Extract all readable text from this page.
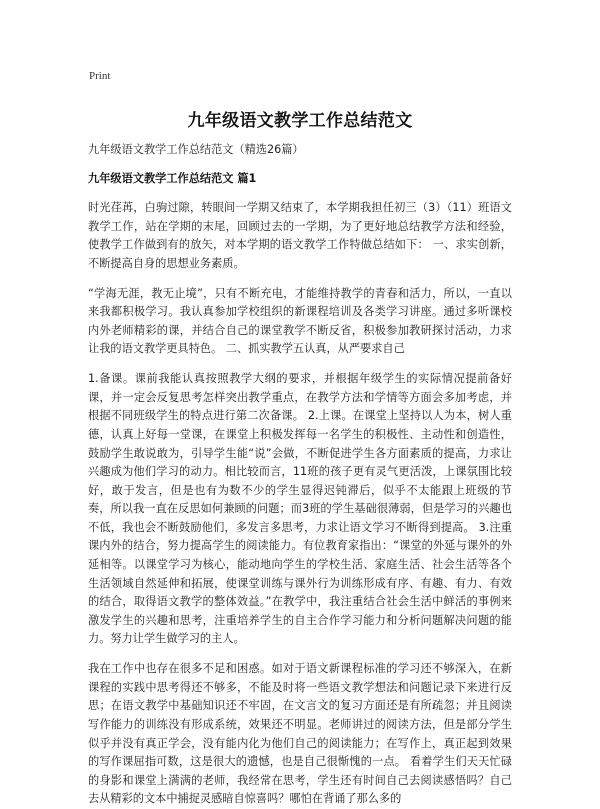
Print
九年级语文教学工作总结范文
九年级语文教学工作总结范文（精选26篇）
九年级语文教学工作总结范文 篇1

时光荏苒，白驹过隙，转眼间一学期又结束了，本学期我担任初三（3）（11）班语文教学工作，站在学期的末尾，回顾过去的一学期，为了更好地总结教学方法和经验，使教学工作做到有的放矢，对本学期的语文教学工作特做总结如下： 一、求实创新，不断提高自身的思想业务素质。

“学海无涯，教无止境”，只有不断充电，才能维持教学的青春和活力，所以，一直以来我都积极学习。我认真参加学校组织的新课程培训及各类学习讲座。通过多听课校内外老师精彩的课，并结合自己的课堂教学不断反省，积极参加教研探讨活动，力求让我的语文教学更具特色。 二、抓实教学五认真，从严要求自己

1.备课。课前我能认真按照教学大纲的要求，并根据年级学生的实际情况提前备好课，并一定会反复思考怎样突出教学重点，在教学方法和学情等方面会多加考虑，并根据不同班级学生的特点进行第二次备课。 2.上课。在课堂上坚持以人为本，树人重德，认真上好每一堂课，在课堂上积极发挥每一名学生的积极性、主动性和创造性，鼓励学生敢说敢为，引导学生能“说”会做，不断促进学生各方面素质的提高，力求让兴趣成为他们学习的动力。相比较而言，11班的孩子更有灵气更活泼，上课氛围比较好，敢于发言，但是也有为数不少的学生显得迟钝滞后，似乎不太能跟上班级的节奏，所以我一直在反思如何兼顾的问题；而3班的学生基础很薄弱，但是学习的兴趣也不低，我也会不断鼓励他们，多发言多思考，力求让语文学习不断得到提高。 3.注重课内外的结合，努力提高学生的阅读能力。有位教育家指出：“课堂的外延与课外的外延相等。以课堂学习为核心，能动地向学生的学校生活、家庭生活、社会生活等各个生活领域自然延伸和拓展，使课堂训练与课外行为训练形成有序、有趣、有力、有效的结合，取得语文教学的整体效益。”在教学中，我注重结合社会生活中鲜活的事例来激发学生的兴趣和思考，注重培养学生的自主合作学习能力和分析问题解决问题的能力。努力让学生做学习的主人。

我在工作中也存在很多不足和困惑。如对于语文新课程标准的学习还不够深入，在新课程的实践中思考得还不够多，不能及时将一些语文教学想法和问题记录下来进行反思；在语文教学中基础知识还不牢固，在文言文的复习方面还是有所疏忽；并且阅读写作能力的训练没有形成系统，效果还不明显。老师讲过的阅读方法，但是部分学生似乎并没有真正学会，没有能内化为他们自己的阅读能力；在写作上，真正起到效果的写作课屈指可数，这是很大的遗憾，也是自己很惭愧的一点。 看着学生们天天忙碌的身影和课堂上满满的老师，我经常在思考，学生还有时间自己去阅读感悟吗？自己去从精彩的文本中捕捉灵感暗自惊喜吗？哪怕在背诵了那么多的
